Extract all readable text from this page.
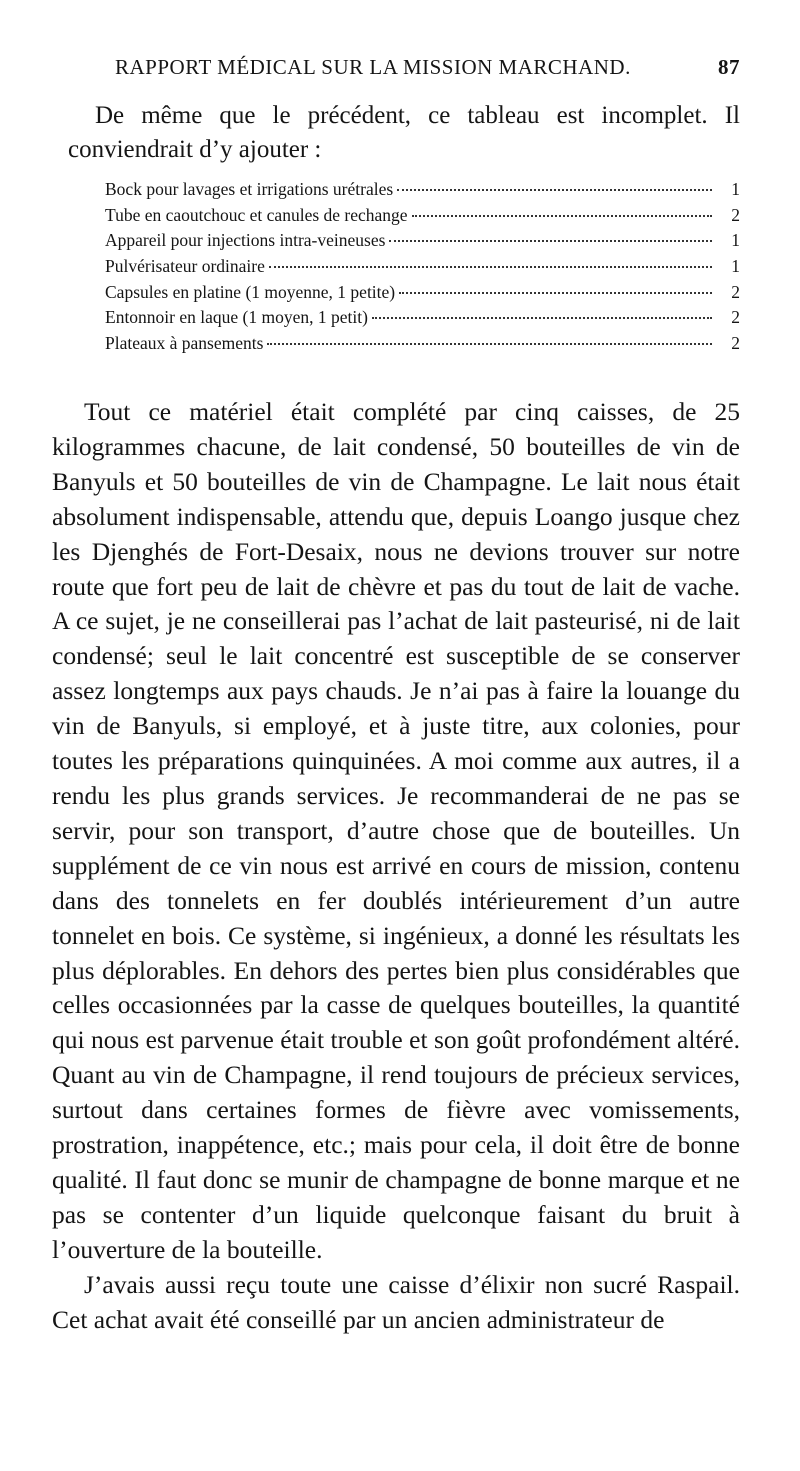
RAPPORT MÉDICAL SUR LA MISSION MARCHAND.	87

De même que le précédent, ce tableau est incomplet. Il conviendrait d’y ajouter :

Bock pour lavages et irrigations urétrales	1
Tube en caoutchouc et canules de rechange	2
Appareil pour injections intra-veineuses	1
Pulvérisateur ordinaire	1
Capsules en platine (1 moyenne, 1 petite)	2
Entonnoir en laque (1 moyen, 1 petit)	2
Plateaux à pansements	2

Tout ce matériel était complété par cinq caisses, de 25 kilogrammes chacune, de lait condensé, 50 bouteilles de vin de Banyuls et 50 bouteilles de vin de Champagne. Le lait nous était absolument indispensable, attendu que, depuis Loango jusque chez les Djenghés de Fort-Desaix, nous ne devions trouver sur notre route que fort peu de lait de chèvre et pas du tout de lait de vache. A ce sujet, je ne conseillerai pas l’achat de lait pasteurisé, ni de lait condensé; seul le lait concentré est susceptible de se conserver assez longtemps aux pays chauds. Je n’ai pas à faire la louange du vin de Banyuls, si employé, et à juste titre, aux colonies, pour toutes les préparations quinquinées. A moi comme aux autres, il a rendu les plus grands services. Je recommanderai de ne pas se servir, pour son transport, d’autre chose que de bouteilles. Un supplément de ce vin nous est arrivé en cours de mission, contenu dans des tonnelets en fer doublés intérieurement d’un autre tonnelet en bois. Ce système, si ingénieux, a donné les résultats les plus déplorables. En dehors des pertes bien plus considérables que celles occasionnées par la casse de quelques bouteilles, la quantité qui nous est parvenue était trouble et son goût profondément altéré. Quant au vin de Champagne, il rend toujours de précieux services, surtout dans certaines formes de fièvre avec vomissements, prostration, inappétence, etc.; mais pour cela, il doit être de bonne qualité. Il faut donc se munir de champagne de bonne marque et ne pas se contenter d’un liquide quelconque faisant du bruit à l’ouverture de la bouteille.

J’avais aussi reçu toute une caisse d’élixir non sucré Raspail. Cet achat avait été conseillé par un ancien administrateur de
